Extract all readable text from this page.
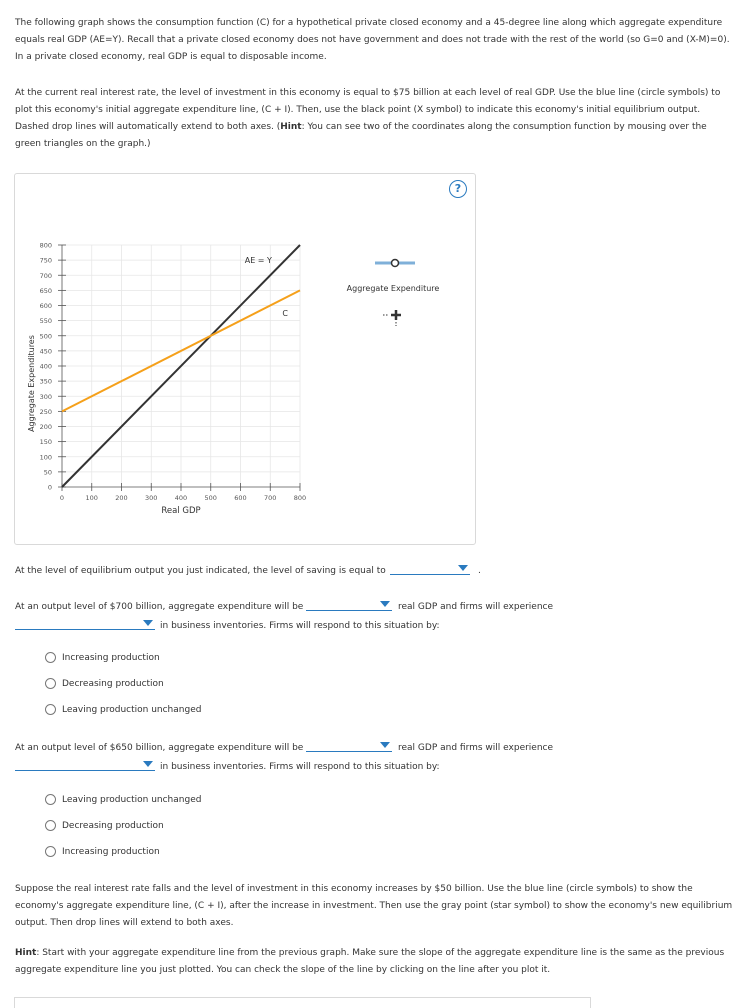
The following graph shows the consumption function (C) for a hypothetical private closed economy and a 45-degree line along which aggregate expenditure equals real GDP (AE=Y). Recall that a private closed economy does not have government and does not trade with the rest of the world (so G=0 and (X-M)=0). In a private closed economy, real GDP is equal to disposable income.
At the current real interest rate, the level of investment in this economy is equal to $75 billion at each level of real GDP. Use the blue line (circle symbols) to plot this economy's initial aggregate expenditure line, (C + I). Then, use the black point (X symbol) to indicate this economy's initial equilibrium output. Dashed drop lines will automatically extend to both axes. (Hint: You can see two of the coordinates along the consumption function by mousing over the green triangles on the graph.)
?
Aggregate Expenditures
0
50
100
150
200
250
300
350
400
450
500
550
600
650
700
750
800
0	100	200	300	400	500	600	700	800
AE = Y
C
Real GDP
Aggregate Expenditure
At the level of equilibrium output you just indicated, the level of saving is equal to	.
At an output level of $700 billion, aggregate expenditure will be	real GDP and firms will experience
in business inventories. Firms will respond to this situation by:
Increasing production
Decreasing production
Leaving production unchanged
At an output level of $650 billion, aggregate expenditure will be	real GDP and firms will experience
in business inventories. Firms will respond to this situation by:
Leaving production unchanged
Decreasing production
Increasing production
Suppose the real interest rate falls and the level of investment in this economy increases by $50 billion. Use the blue line (circle symbols) to show the economy's aggregate expenditure line, (C + I), after the increase in investment. Then use the gray point (star symbol) to show the economy's new equilibrium output. Then drop lines will extend to both axes.
Hint: Start with your aggregate expenditure line from the previous graph. Make sure the slope of the aggregate expenditure line is the same as the previous aggregate expenditure line you just plotted. You can check the slope of the line by clicking on the line after you plot it.
